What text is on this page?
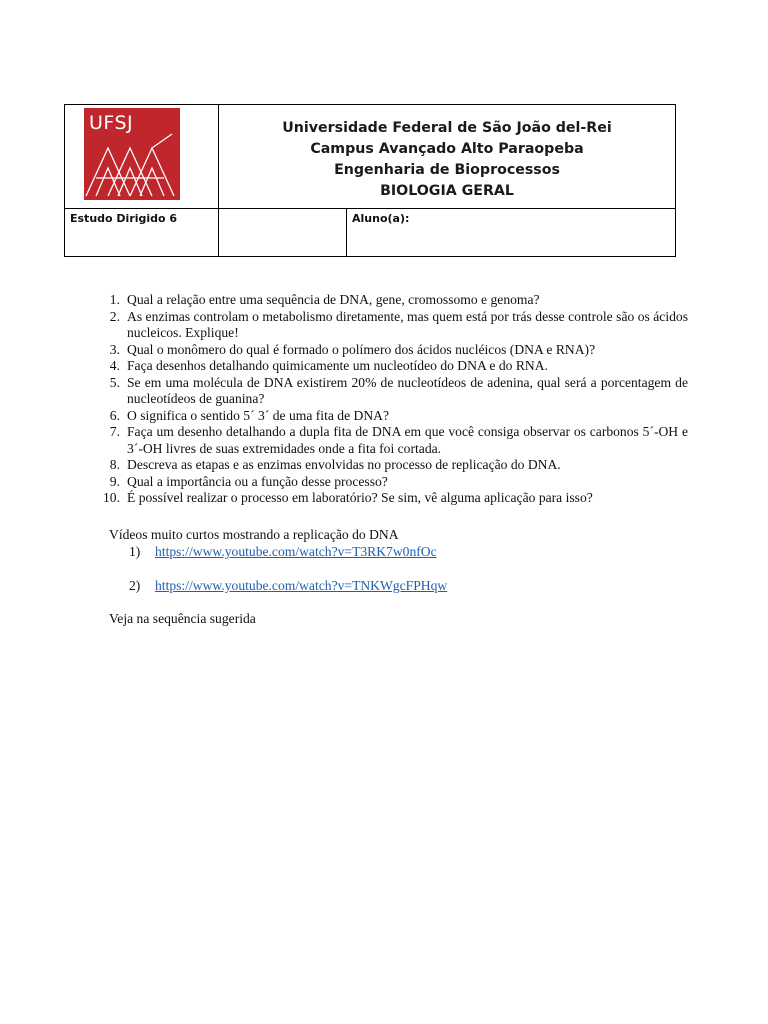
UFSJ	Universidade Federal de São João del-Rei
Campus Avançado Alto Paraopeba
Engenharia de Bioprocessos
BIOLOGIA GERAL
Estudo Dirigido 6	Aluno(a):
1. Qual a relação entre uma sequência de DNA, gene, cromossomo e genoma?
2. As enzimas controlam o metabolismo diretamente, mas quem está por trás desse controle são os ácidos nucleicos. Explique!
3. Qual o monômero do qual é formado o polímero dos ácidos nucléicos (DNA e RNA)?
4. Faça desenhos detalhando quimicamente um nucleotídeo do DNA e do RNA.
5. Se em uma molécula de DNA existirem 20% de nucleotídeos de adenina, qual será a porcentagem de nucleotídeos de guanina?
6. O significa o sentido 5´ 3´ de uma fita de DNA?
7. Faça um desenho detalhando a dupla fita de DNA em que você consiga observar os carbonos 5´-OH e 3´-OH livres de suas extremidades onde a fita foi cortada.
8. Descreva as etapas e as enzimas envolvidas no processo de replicação do DNA.
9. Qual a importância ou a função desse processo?
10. É possível realizar o processo em laboratório? Se sim, vê alguma aplicação para isso?
Vídeos muito curtos mostrando a replicação do DNA
1) https://www.youtube.com/watch?v=T3RK7w0nfOc
2) https://www.youtube.com/watch?v=TNKWgcFPHqw
Veja na sequência sugerida
